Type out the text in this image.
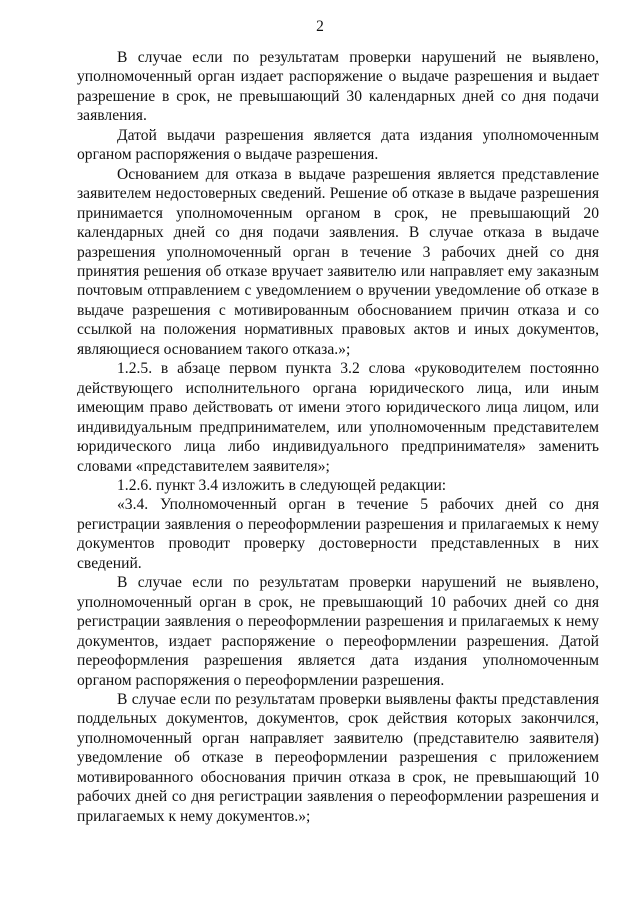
2

В случае если по результатам проверки нарушений не выявлено, уполномоченный орган издает распоряжение о выдаче разрешения и выдает разрешение в срок, не превышающий 30 календарных дней со дня подачи заявления.

Датой выдачи разрешения является дата издания уполномоченным органом распоряжения о выдаче разрешения.

Основанием для отказа в выдаче разрешения является представление заявителем недостоверных сведений. Решение об отказе в выдаче разрешения принимается уполномоченным органом в срок, не превышающий 20 календарных дней со дня подачи заявления. В случае отказа в выдаче разрешения уполномоченный орган в течение 3 рабочих дней со дня принятия решения об отказе вручает заявителю или направляет ему заказным почтовым отправлением с уведомлением о вручении уведомление об отказе в выдаче разрешения с мотивированным обоснованием причин отказа и со ссылкой на положения нормативных правовых актов и иных документов, являющиеся основанием такого отказа.»;

1.2.5. в абзаце первом пункта 3.2 слова «руководителем постоянно действующего исполнительного органа юридического лица, или иным имеющим право действовать от имени этого юридического лица лицом, или индивидуальным предпринимателем, или уполномоченным представителем юридического лица либо индивидуального предпринимателя» заменить словами «представителем заявителя»;

1.2.6. пункт 3.4 изложить в следующей редакции:

«3.4. Уполномоченный орган в течение 5 рабочих дней со дня регистрации заявления о переоформлении разрешения и прилагаемых к нему документов проводит проверку достоверности представленных в них сведений.

В случае если по результатам проверки нарушений не выявлено, уполномоченный орган в срок, не превышающий 10 рабочих дней со дня регистрации заявления о переоформлении разрешения и прилагаемых к нему документов, издает распоряжение о переоформлении разрешения. Датой переоформления разрешения является дата издания уполномоченным органом распоряжения о переоформлении разрешения.

В случае если по результатам проверки выявлены факты представления поддельных документов, документов, срок действия которых закончился, уполномоченный орган направляет заявителю (представителю заявителя) уведомление об отказе в переоформлении разрешения с приложением мотивированного обоснования причин отказа в срок, не превышающий 10 рабочих дней со дня регистрации заявления о переоформлении разрешения и прилагаемых к нему документов.»;
